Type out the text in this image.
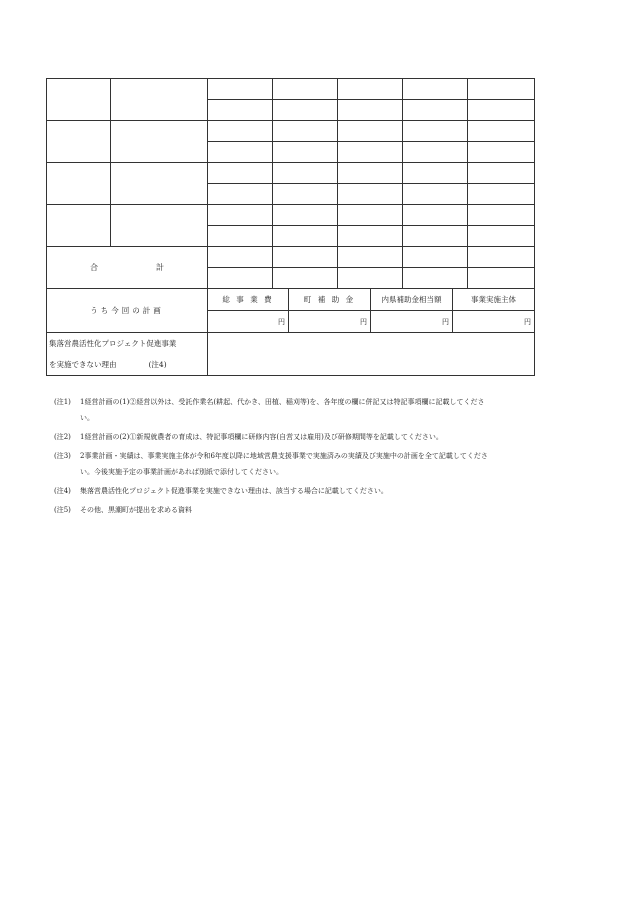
合 計						

うち今回の計画	総 事 業 費	町 補 助 金	内県補助金相当額	事業実施主体
	円	円	円	円

集落営農活性化プロジェクト促進事業
を実施できない理由 (注4)				

(注1)	1経営計画の(1)②経営以外は、受託作業名(耕起、代かき、田植、稲刈等)を、各年度の欄に併記又は特記事項欄に記載してくださ
い。
(注2)	1経営計画の(2)①新規就農者の育成は、特記事項欄に研修内容(自営又は雇用)及び研修期間等を記載してください。
(注3)	2事業計画・実績は、事業実施主体が令和6年度以降に地域営農支援事業で実施済みの実績及び実施中の計画を全て記載してくださ
い。今後実施予定の事業計画があれば別紙で添付してください。
(注4)	集落営農活性化プロジェクト促進事業を実施できない理由は、該当する場合に記載してください。
(注5)	その他、黒潮町が提出を求める資料
